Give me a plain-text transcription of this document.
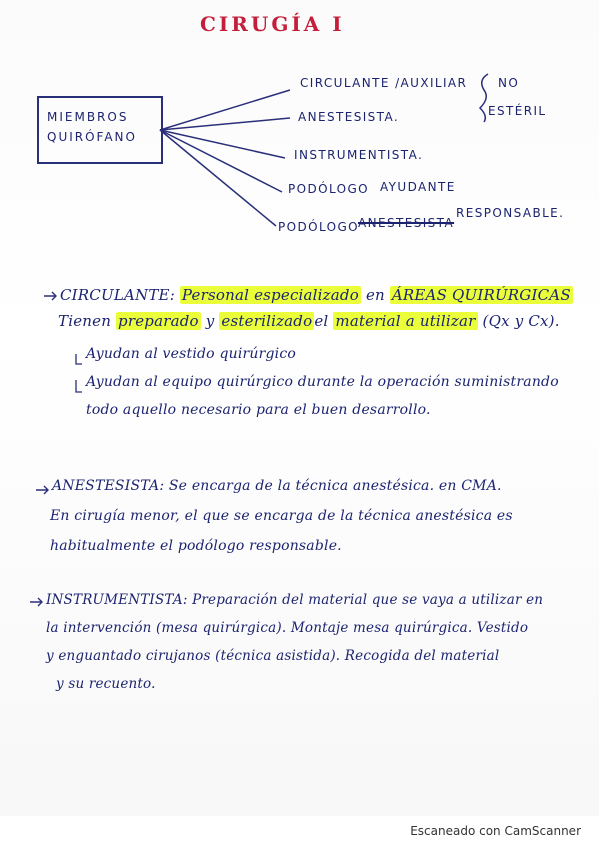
CIRUGÍA I
MIEMBROS
QUIRÓFANO
CIRCULANTE /AUXILIAR
ANESTESISTA.
INSTRUMENTISTA.
PODÓLOGO AYUDANTE
PODÓLOGO
ANESTESISTA
RESPONSABLE.
NO
ESTÉRIL
CIRCULANTE: Personal especializado en ÁREAS QUIRÚRGICAS
Tienen preparado y esterilizado el material a utilizar (Qx y Cx).
Ayudan al vestido quirúrgico
Ayudan al equipo quirúrgico durante la operación suministrando
todo aquello necesario para el buen desarrollo.
ANESTESISTA: Se encarga de la técnica anestésica. en CMA.
En cirugía menor, el que se encarga de la técnica anestésica es
habitualmente el podólogo responsable.
INSTRUMENTISTA: Preparación del material que se vaya a utilizar en
la intervención (mesa quirúrgica). Montaje mesa quirúrgica. Vestido
y enguantado cirujanos (técnica asistida). Recogida del material
y su recuento.
Escaneado con CamScanner
